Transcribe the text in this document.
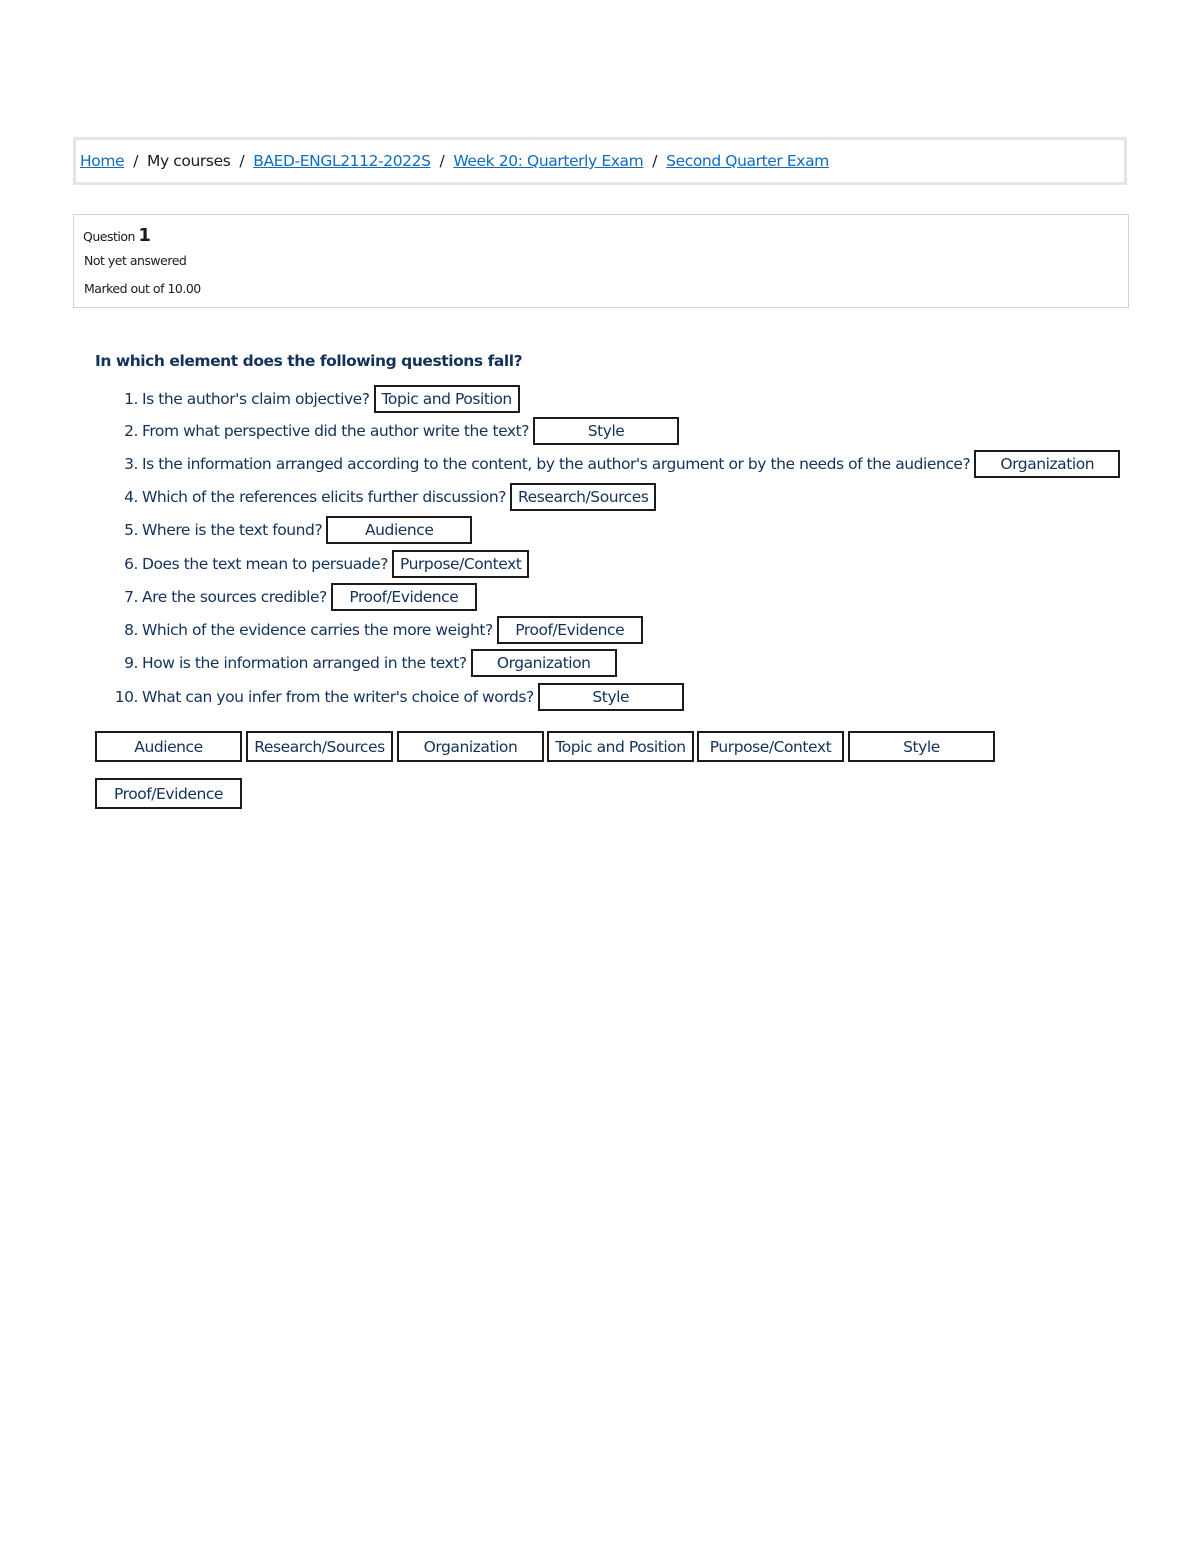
Home / My courses / BAED-ENGL2112-2022S / Week 20: Quarterly Exam / Second Quarter Exam
Question 1
Not yet answered
Marked out of 10.00
In which element does the following questions fall?
1. Is the author's claim objective? Topic and Position
2. From what perspective did the author write the text?	Style
3. Is the information arranged according to the content, by the author's argument or by the needs of the audience?	Organization
4. Which of the references elicits further discussion? Research/Sources
5. Where is the text found?	Audience
6. Does the text mean to persuade? Purpose/Context
7. Are the sources credible?	Proof/Evidence
8. Which of the evidence carries the more weight?	Proof/Evidence
9. How is the information arranged in the text?	Organization
10. What can you infer from the writer's choice of words?	Style
Audience	Research/Sources	Organization	Topic and Position	Purpose/Context	Style
Proof/Evidence
